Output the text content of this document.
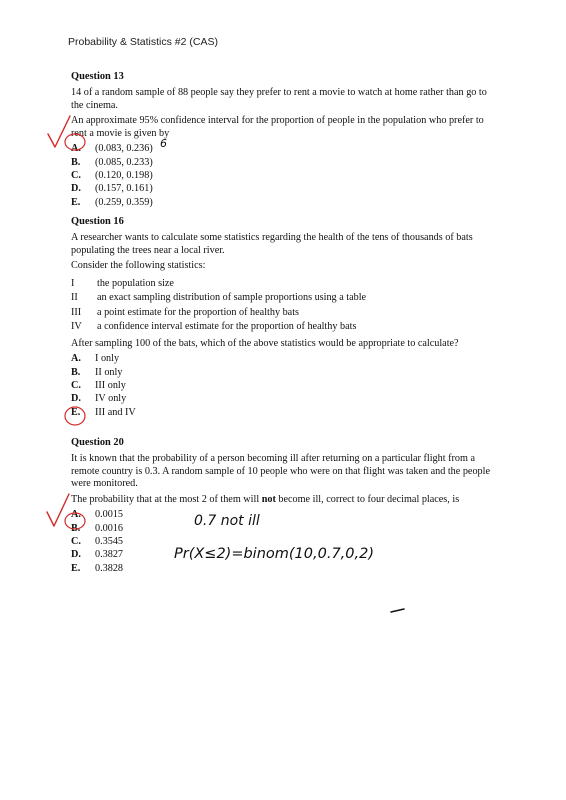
Probability & Statistics #2 (CAS)
Question 13

14 of a random sample of 88 people say they prefer to rent a movie to watch at home rather than go to the cinema.

An approximate 95% confidence interval for the proportion of people in the population who prefer to rent a movie is given by

A.	(0.083, 0.236)
B.	(0.085, 0.233)
C.	(0.120, 0.198)
D.	(0.157, 0.161)
E.	(0.259, 0.359)
Question 16

A researcher wants to calculate some statistics regarding the health of the tens of thousands of bats populating the trees near a local river.

Consider the following statistics:

I	the population size
II	an exact sampling distribution of sample proportions using a table
III	a point estimate for the proportion of healthy bats
IV	a confidence interval estimate for the proportion of healthy bats

After sampling 100 of the bats, which of the above statistics would be appropriate to calculate?

A.	I only
B.	II only
C.	III only
D.	IV only
E.	III and IV
Question 20

It is known that the probability of a person becoming ill after returning on a particular flight from a remote country is 0.3. A random sample of 10 people who were on that flight was taken and the people were monitored.

The probability that at the most 2 of them will not become ill, correct to four decimal places, is

A.	0.0015
B.	0.0016
C.	0.3545
D.	0.3827
E.	0.3828
6
0.7 not ill
Pr(X≤2)=binom(10,0.7,0,2)
